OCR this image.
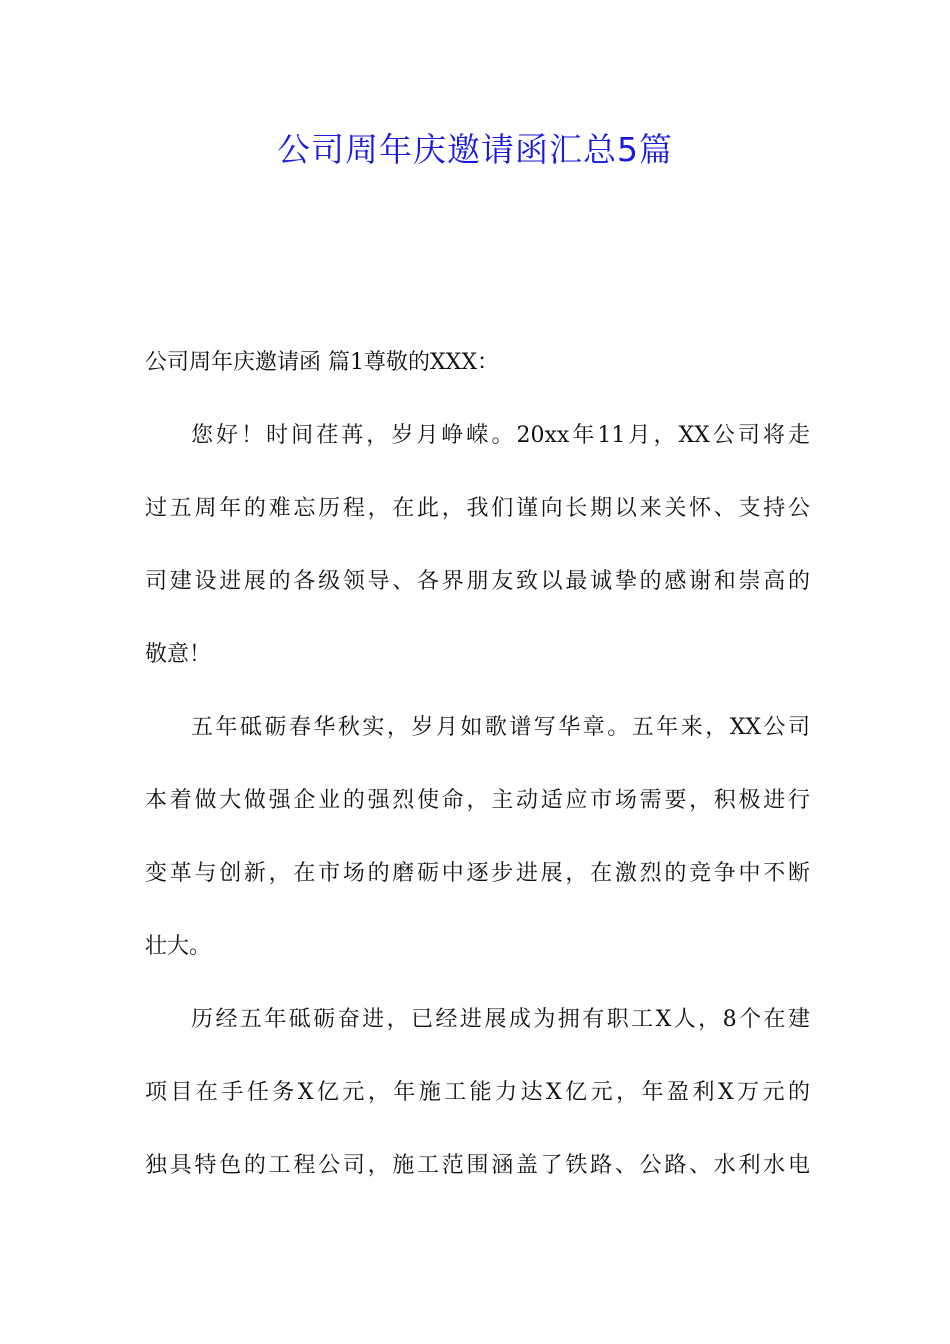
公司周年庆邀请函汇总5篇

公司周年庆邀请函 篇1尊敬的XXX：

您好！时间荏苒，岁月峥嵘。20xx年11月，XX公司将走

过五周年的难忘历程，在此，我们谨向长期以来关怀、支持公

司建设进展的各级领导、各界朋友致以最诚挚的感谢和崇高的

敬意！

五年砥砺春华秋实，岁月如歌谱写华章。五年来，XX公司

本着做大做强企业的强烈使命，主动适应市场需要，积极进行

变革与创新，在市场的磨砺中逐步进展，在激烈的竞争中不断

壮大。

历经五年砥砺奋进，已经进展成为拥有职工X人，8个在建

项目在手任务X亿元，年施工能力达X亿元，年盈利X万元的

独具特色的工程公司，施工范围涵盖了铁路、公路、水利水电
